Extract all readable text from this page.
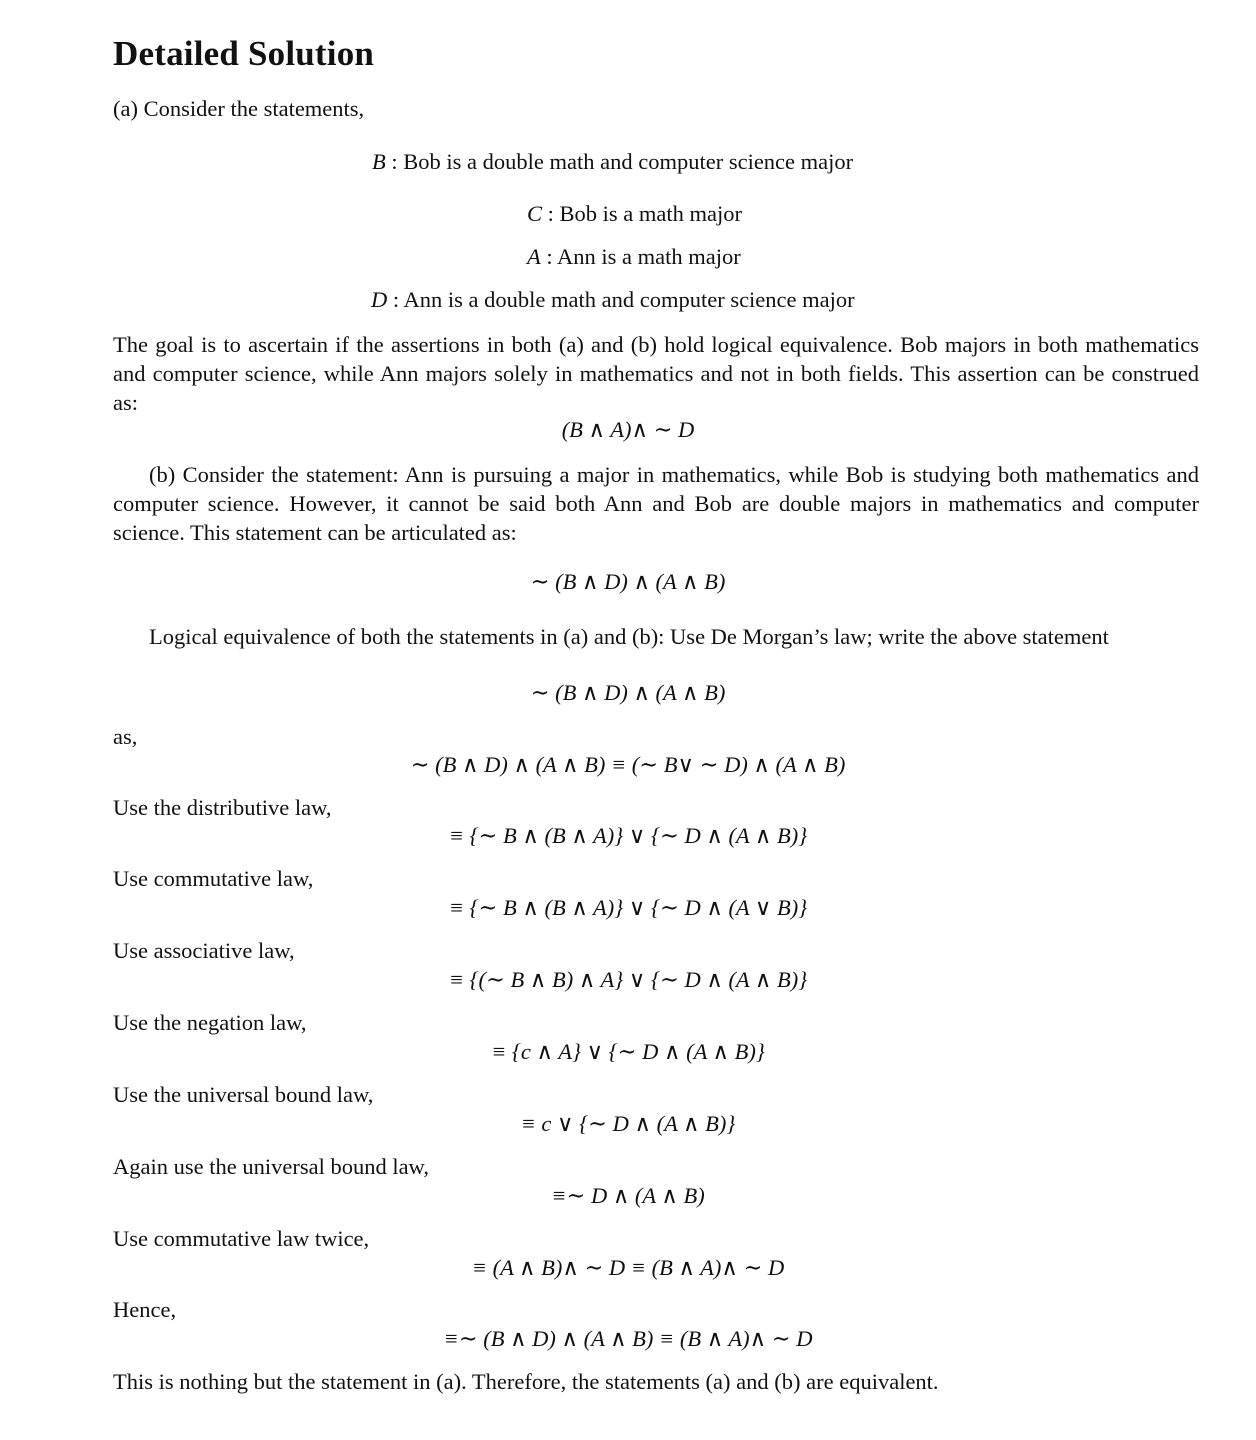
Detailed Solution
(a) Consider the statements,
B : Bob is a double math and computer science major
C : Bob is a math major
A : Ann is a math major
D : Ann is a double math and computer science major
The goal is to ascertain if the assertions in both (a) and (b) hold logical equivalence. Bob majors in both mathematics and computer science, while Ann majors solely in mathematics and not in both fields. This assertion can be construed as:
(B ∧ A)∧ ∼ D
(b) Consider the statement: Ann is pursuing a major in mathematics, while Bob is studying both mathematics and computer science. However, it cannot be said both Ann and Bob are double majors in mathematics and computer science. This statement can be articulated as:
∼ (B ∧ D) ∧ (A ∧ B)
Logical equivalence of both the statements in (a) and (b): Use De Morgan’s law; write the above statement
∼ (B ∧ D) ∧ (A ∧ B)
as,
∼ (B ∧ D) ∧ (A ∧ B) ≡ (∼ B∨ ∼ D) ∧ (A ∧ B)
Use the distributive law,
≡ {∼ B ∧ (B ∧ A)} ∨ {∼ D ∧ (A ∧ B)}
Use commutative law,
≡ {∼ B ∧ (B ∧ A)} ∨ {∼ D ∧ (A ∨ B)}
Use associative law,
≡ {(∼ B ∧ B) ∧ A} ∨ {∼ D ∧ (A ∧ B)}
Use the negation law,
≡ {c ∧ A} ∨ {∼ D ∧ (A ∧ B)}
Use the universal bound law,
≡ c ∨ {∼ D ∧ (A ∧ B)}
Again use the universal bound law,
≡∼ D ∧ (A ∧ B)
Use commutative law twice,
≡ (A ∧ B)∧ ∼ D ≡ (B ∧ A)∧ ∼ D
Hence,
≡∼ (B ∧ D) ∧ (A ∧ B) ≡ (B ∧ A)∧ ∼ D
This is nothing but the statement in (a). Therefore, the statements (a) and (b) are equivalent.
